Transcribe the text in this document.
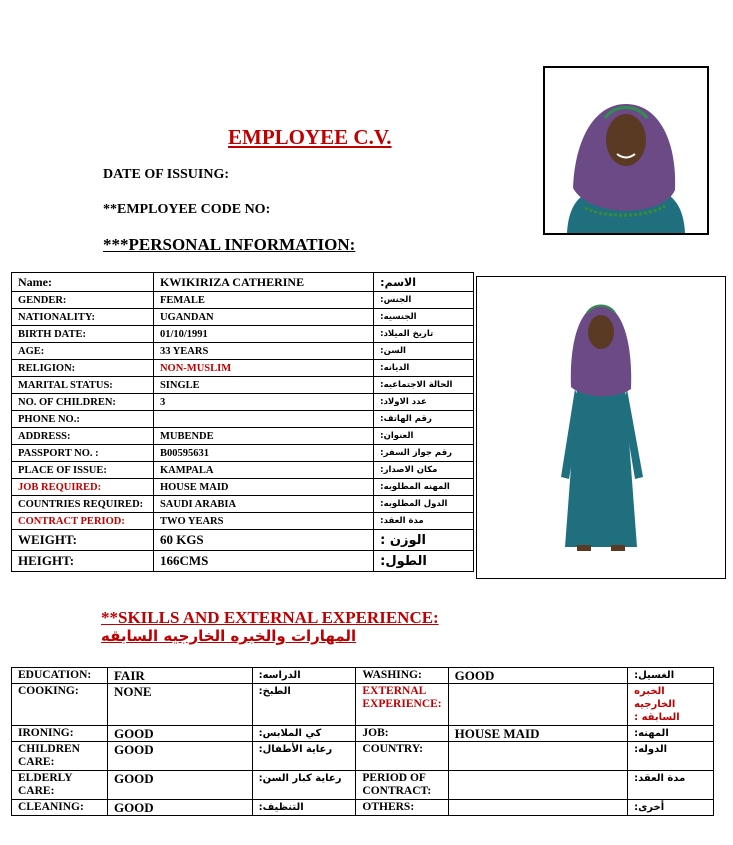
EMPLOYEE C.V.
DATE OF ISSUING:
**EMPLOYEE CODE NO:
***PERSONAL INFORMATION:
Name:	KWIKIRIZA CATHERINE	الاسم:
GENDER:	FEMALE	الجنس:
NATIONALITY:	UGANDAN	الجنسيه:
BIRTH DATE:	01/10/1991	تاريخ الميلاد:
AGE:	33 YEARS	السن:
RELIGION:	NON-MUSLIM	الديانه:
MARITAL STATUS:	SINGLE	الحالة الاجتماعيه:
NO. OF CHILDREN:	3	عدد الاولاد:
PHONE NO.:		رقم الهاتف:
ADDRESS:	MUBENDE	العنوان:
PASSPORT NO. :	B00595631	رقم جواز السفر:
PLACE OF ISSUE:	KAMPALA	مكان الاصدار:
JOB REQUIRED:	HOUSE MAID	المهنه المطلوبه:
COUNTRIES REQUIRED:	SAUDI ARABIA	الدول المطلوبه:
CONTRACT PERIOD:	TWO YEARS	مدة العقد:
WEIGHT:	60 KGS	الوزن :
HEIGHT:	166CMS	الطول:
**SKILLS AND EXTERNAL EXPERIENCE:
المهارات والخبره الخارجيه السابقه
EDUCATION:	FAIR	الدراسه:	WASHING:	GOOD	الغسيل:
COOKING:	NONE	الطبخ:	EXTERNAL EXPERIENCE:		الخبره الخارجيه السابقه :
IRONING:	GOOD	كي الملابس:	JOB:	HOUSE MAID	المهنه:
CHILDREN CARE:	GOOD	رعاية الأطفال:	COUNTRY:		الدوله:
ELDERLY CARE:	GOOD	رعاية كبار السن:	PERIOD OF CONTRACT:		مدة العقد:
CLEANING:	GOOD	التنظيف:	OTHERS:		أخرى:
